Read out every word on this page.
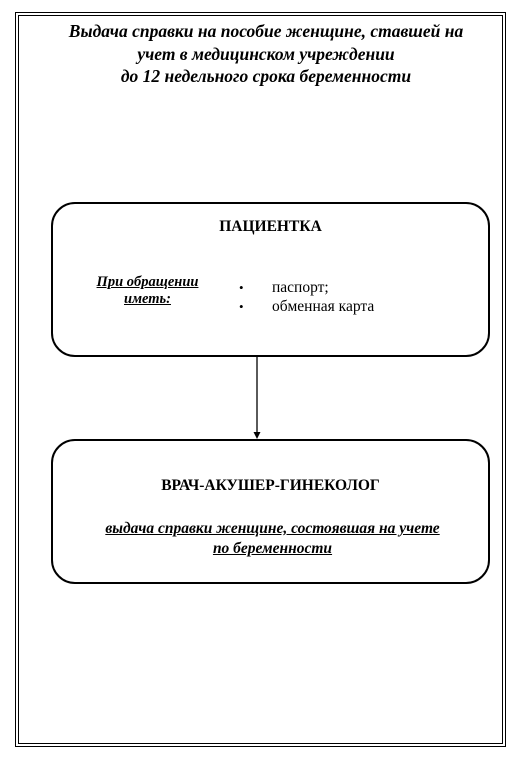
Выдача справки на пособие женщине, ставшей на
учет в медицинском учреждении
до 12 недельного срока беременности
ПАЦИЕНТКА
При обращении
иметь:
• паспорт;
• обменная карта
ВРАЧ-АКУШЕР-ГИНЕКОЛОГ
выдача справки женщине, состоявшая на учете
по беременности
